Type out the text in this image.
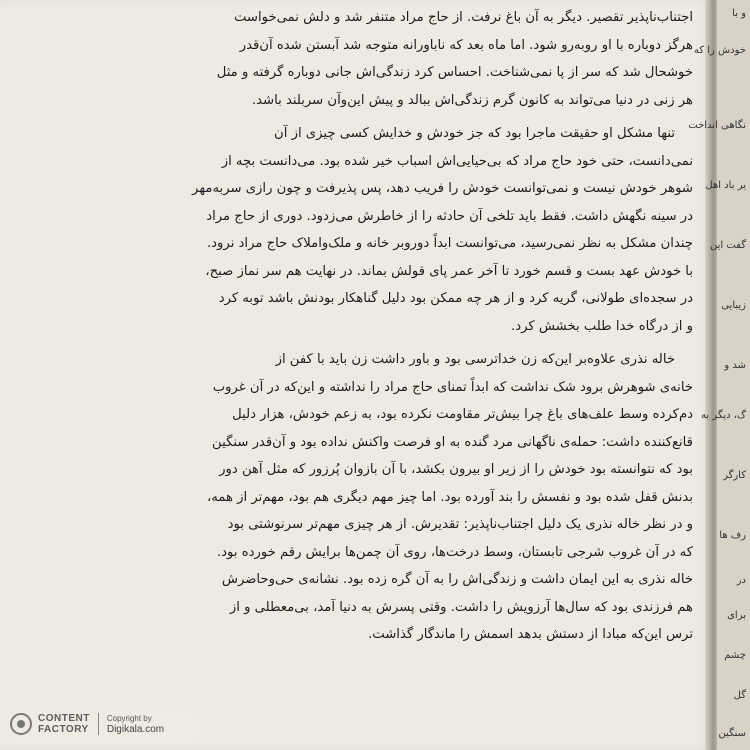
اجتناب‌ناپذیر تقصیر. دیگر به آن باغ نرفت. از حاج مراد متنفر شد و دلش نمی‌خواست
هرگز دوباره با او روبه‌رو شود. اما ماه بعد که ناباورانه متوجه شد آبستن شده آن‌قدر
خوشحال شد که سر از پا نمی‌شناخت. احساس کرد زندگی‌اش جانی دوباره گرفته و مثل
هر زنی در دنیا می‌تواند به کانون گرم زندگی‌اش ببالد و پیش این‌وآن سربلند باشد.
تنها مشکل او حقیقت ماجرا بود که جز خودش و خدایش کسی چیزی از آن
نمی‌دانست، حتی خود حاج مراد که بی‌حیایی‌اش اسباب خیر شده بود. می‌دانست بچه از
شوهر خودش نیست و نمی‌توانست خودش را فریب دهد، پس پذیرفت و چون رازی سربه‌مهر
در سینه نگهش داشت. فقط باید تلخی آن حادثه را از خاطرش می‌زدود. دوری از حاج مراد
چندان مشکل به نظر نمی‌رسید، می‌توانست ابداً دوروبر خانه و ملک‌واملاک حاج مراد نرود.
با خودش عهد بست و قسم خورد تا آخر عمر پای قولش بماند. در نهایت هم سر نماز صبح،
در سجده‌ای طولانی، گریه کرد و از هر چه ممکن بود دلیل گناهکار بودنش باشد توبه کرد
و از درگاه خدا طلب بخشش کرد.
خاله نذری علاوه‌بر این‌که زن خداترسی بود و باور داشت زن باید با کفن از
خانه‌ی شوهرش برود شک نداشت که ابداً تمنای حاج مراد را نداشته و این‌که در آن غروب
دم‌کرده وسط علف‌های باغ چرا بیش‌تر مقاومت نکرده بود، به زعم خودش، هزار دلیل
قانع‌کننده داشت: حمله‌ی ناگهانی مرد گنده به او فرصت واکنش نداده بود و آن‌قدر سنگین
بود که نتوانسته بود خودش را از زیر او بیرون بکشد، با آن بازوان پُرزور که مثل آهن دور
بدنش قفل شده بود و نفسش را بند آورده بود. اما چیز مهم دیگری هم بود، مهم‌تر از همه،
و در نظر خاله نذری یک دلیل اجتناب‌ناپذیر: تقدیرش. از هر چیزی مهم‌تر سرنوشتی بود
که در آن غروب شرجی تابستان، وسط درخت‌ها، روی آن چمن‌ها برایش رقم خورده بود.
خاله نذری به این ایمان داشت و زندگی‌اش را به آن گره زده بود. نشانه‌ی حی‌وحاضرش
هم فرزندی بود که سال‌ها آرزویش را داشت. وقتی پسرش به دنیا آمد، بی‌معطلی و از
ترس این‌که مبادا از دستش بدهد اسمش را ماندگار گذاشت.
و با
خودش را که
نگاهی انداخت
یر باد اهل
گفت این
زیبایی
شد و
گ، دیگر به
کارگر
رف ها
در
برای
چشم
گل
سنگین
CONTENT
FACTORY
Copyright by
Digikala.com
